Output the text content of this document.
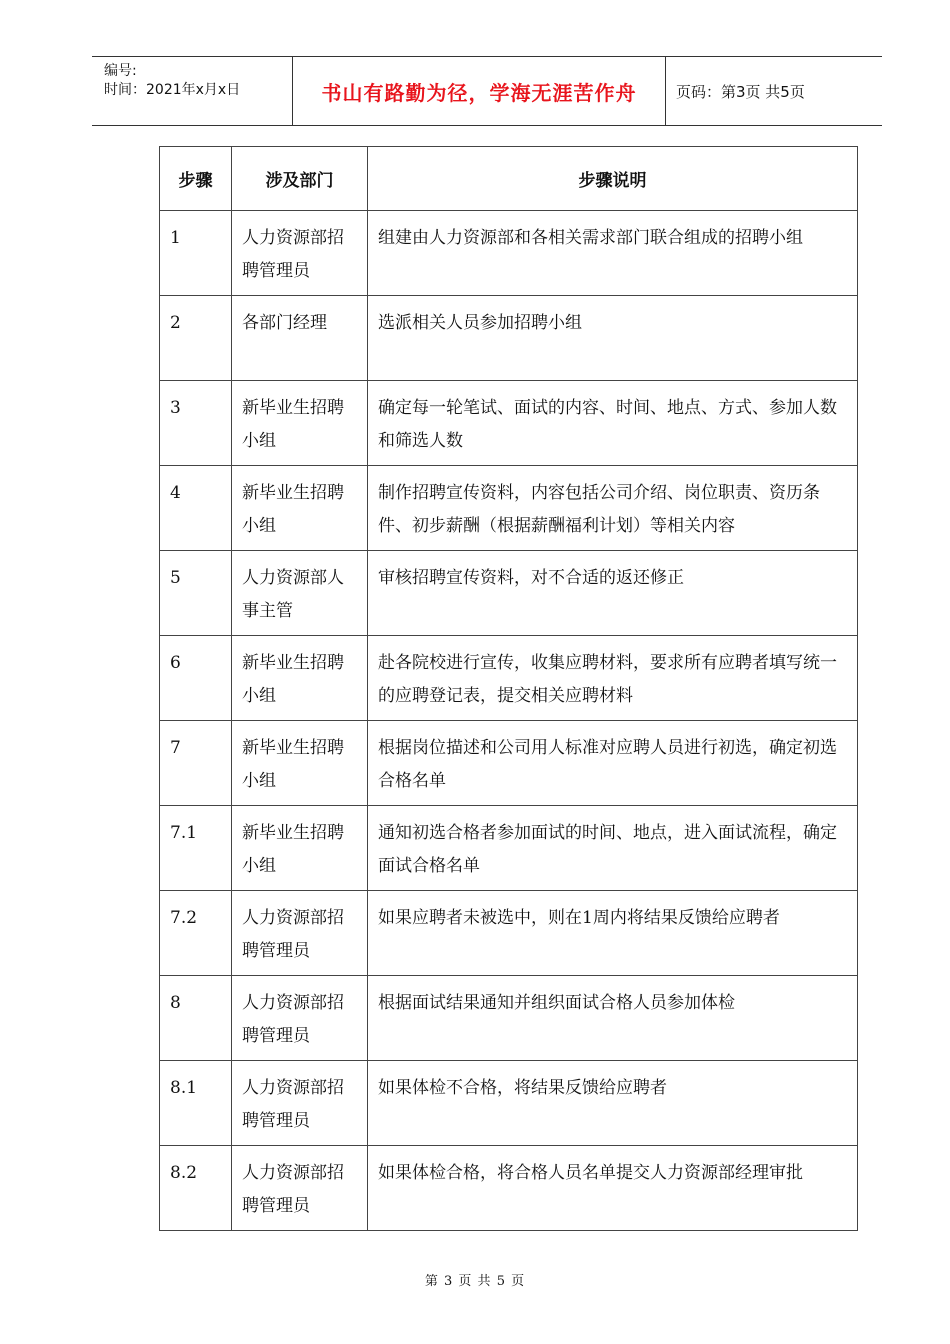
编号:
时间：2021年x月x日	书山有路勤为径，学海无涯苦作舟	页码：第3页 共5页
步骤	涉及部门	步骤说明
1	人力资源部招聘管理员	组建由人力资源部和各相关需求部门联合组成的招聘小组
2	各部门经理	选派相关人员参加招聘小组
3	新毕业生招聘小组	确定每一轮笔试、面试的内容、时间、地点、方式、参加人数和筛选人数
4	新毕业生招聘小组	制作招聘宣传资料，内容包括公司介绍、岗位职责、资历条件、初步薪酬（根据薪酬福利计划）等相关内容
5	人力资源部人事主管	审核招聘宣传资料，对不合适的返还修正
6	新毕业生招聘小组	赴各院校进行宣传，收集应聘材料，要求所有应聘者填写统一的应聘登记表，提交相关应聘材料
7	新毕业生招聘小组	根据岗位描述和公司用人标准对应聘人员进行初选，确定初选合格名单
7.1	新毕业生招聘小组	通知初选合格者参加面试的时间、地点，进入面试流程，确定面试合格名单
7.2	人力资源部招聘管理员	如果应聘者未被选中，则在1周内将结果反馈给应聘者
8	人力资源部招聘管理员	根据面试结果通知并组织面试合格人员参加体检
8.1	人力资源部招聘管理员	如果体检不合格，将结果反馈给应聘者
8.2	人力资源部招聘管理员	如果体检合格，将合格人员名单提交人力资源部经理审批
第 3 页 共 5 页
